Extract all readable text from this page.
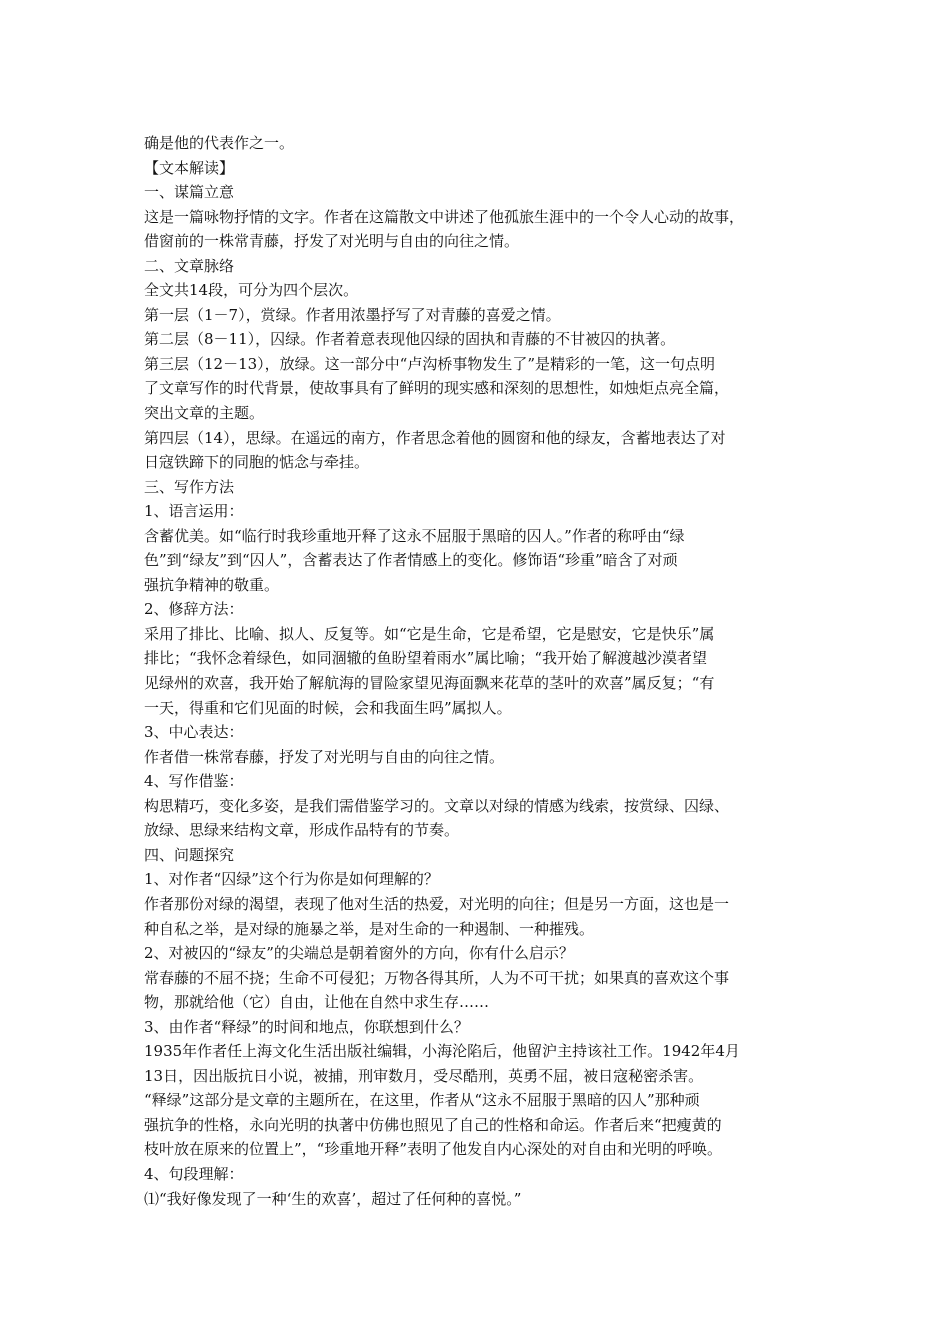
确是他的代表作之一。
【文本解读】
一、谋篇立意
这是一篇咏物抒情的文字。作者在这篇散文中讲述了他孤旅生涯中的一个令人心动的故事，
借窗前的一株常青藤，抒发了对光明与自由的向往之情。
二、文章脉络
全文共14段，可分为四个层次。
第一层（1－7），赏绿。作者用浓墨抒写了对青藤的喜爱之情。
第二层（8－11），囚绿。作者着意表现他囚绿的固执和青藤的不甘被囚的执著。
第三层（12－13），放绿。这一部分中“卢沟桥事物发生了”是精彩的一笔，这一句点明
了文章写作的时代背景，使故事具有了鲜明的现实感和深刻的思想性，如烛炬点亮全篇，
突出文章的主题。
第四层（14），思绿。在遥远的南方，作者思念着他的圆窗和他的绿友，含蓄地表达了对
日寇铁蹄下的同胞的惦念与牵挂。
三、写作方法
1、语言运用：
含蓄优美。如“临行时我珍重地开释了这永不屈服于黑暗的囚人。”作者的称呼由“绿
色”到“绿友”到“囚人”，含蓄表达了作者情感上的变化。修饰语“珍重”暗含了对顽
强抗争精神的敬重。
2、修辞方法：
采用了排比、比喻、拟人、反复等。如“它是生命，它是希望，它是慰安，它是快乐”属
排比；“我怀念着绿色，如同涸辙的鱼盼望着雨水”属比喻；“我开始了解渡越沙漠者望
见绿州的欢喜，我开始了解航海的冒险家望见海面飘来花草的茎叶的欢喜”属反复；“有
一天，得重和它们见面的时候，会和我面生吗”属拟人。
3、中心表达：
作者借一株常春藤，抒发了对光明与自由的向往之情。
4、写作借鉴：
构思精巧，变化多姿，是我们需借鉴学习的。文章以对绿的情感为线索，按赏绿、囚绿、
放绿、思绿来结构文章，形成作品特有的节奏。
四、问题探究
1、对作者“囚绿”这个行为你是如何理解的？
作者那份对绿的渴望，表现了他对生活的热爱，对光明的向往；但是另一方面，这也是一
种自私之举，是对绿的施暴之举，是对生命的一种遏制、一种摧残。
2、对被囚的“绿友”的尖端总是朝着窗外的方向，你有什么启示？
常春藤的不屈不挠；生命不可侵犯；万物各得其所，人为不可干扰；如果真的喜欢这个事
物，那就给他（它）自由，让他在自然中求生存……
3、由作者“释绿”的时间和地点，你联想到什么？
1935年作者任上海文化生活出版社编辑，小海沦陷后，他留沪主持该社工作。1942年4月
13日，因出版抗日小说，被捕，刑审数月，受尽酷刑，英勇不屈，被日寇秘密杀害。
“释绿”这部分是文章的主题所在，在这里，作者从“这永不屈服于黑暗的囚人”那种顽
强抗争的性格，永向光明的执著中仿佛也照见了自己的性格和命运。作者后来“把瘦黄的
枝叶放在原来的位置上”，“珍重地开释”表明了他发自内心深处的对自由和光明的呼唤。
4、句段理解：
⑴“我好像发现了一种‘生的欢喜’，超过了任何种的喜悦。”
